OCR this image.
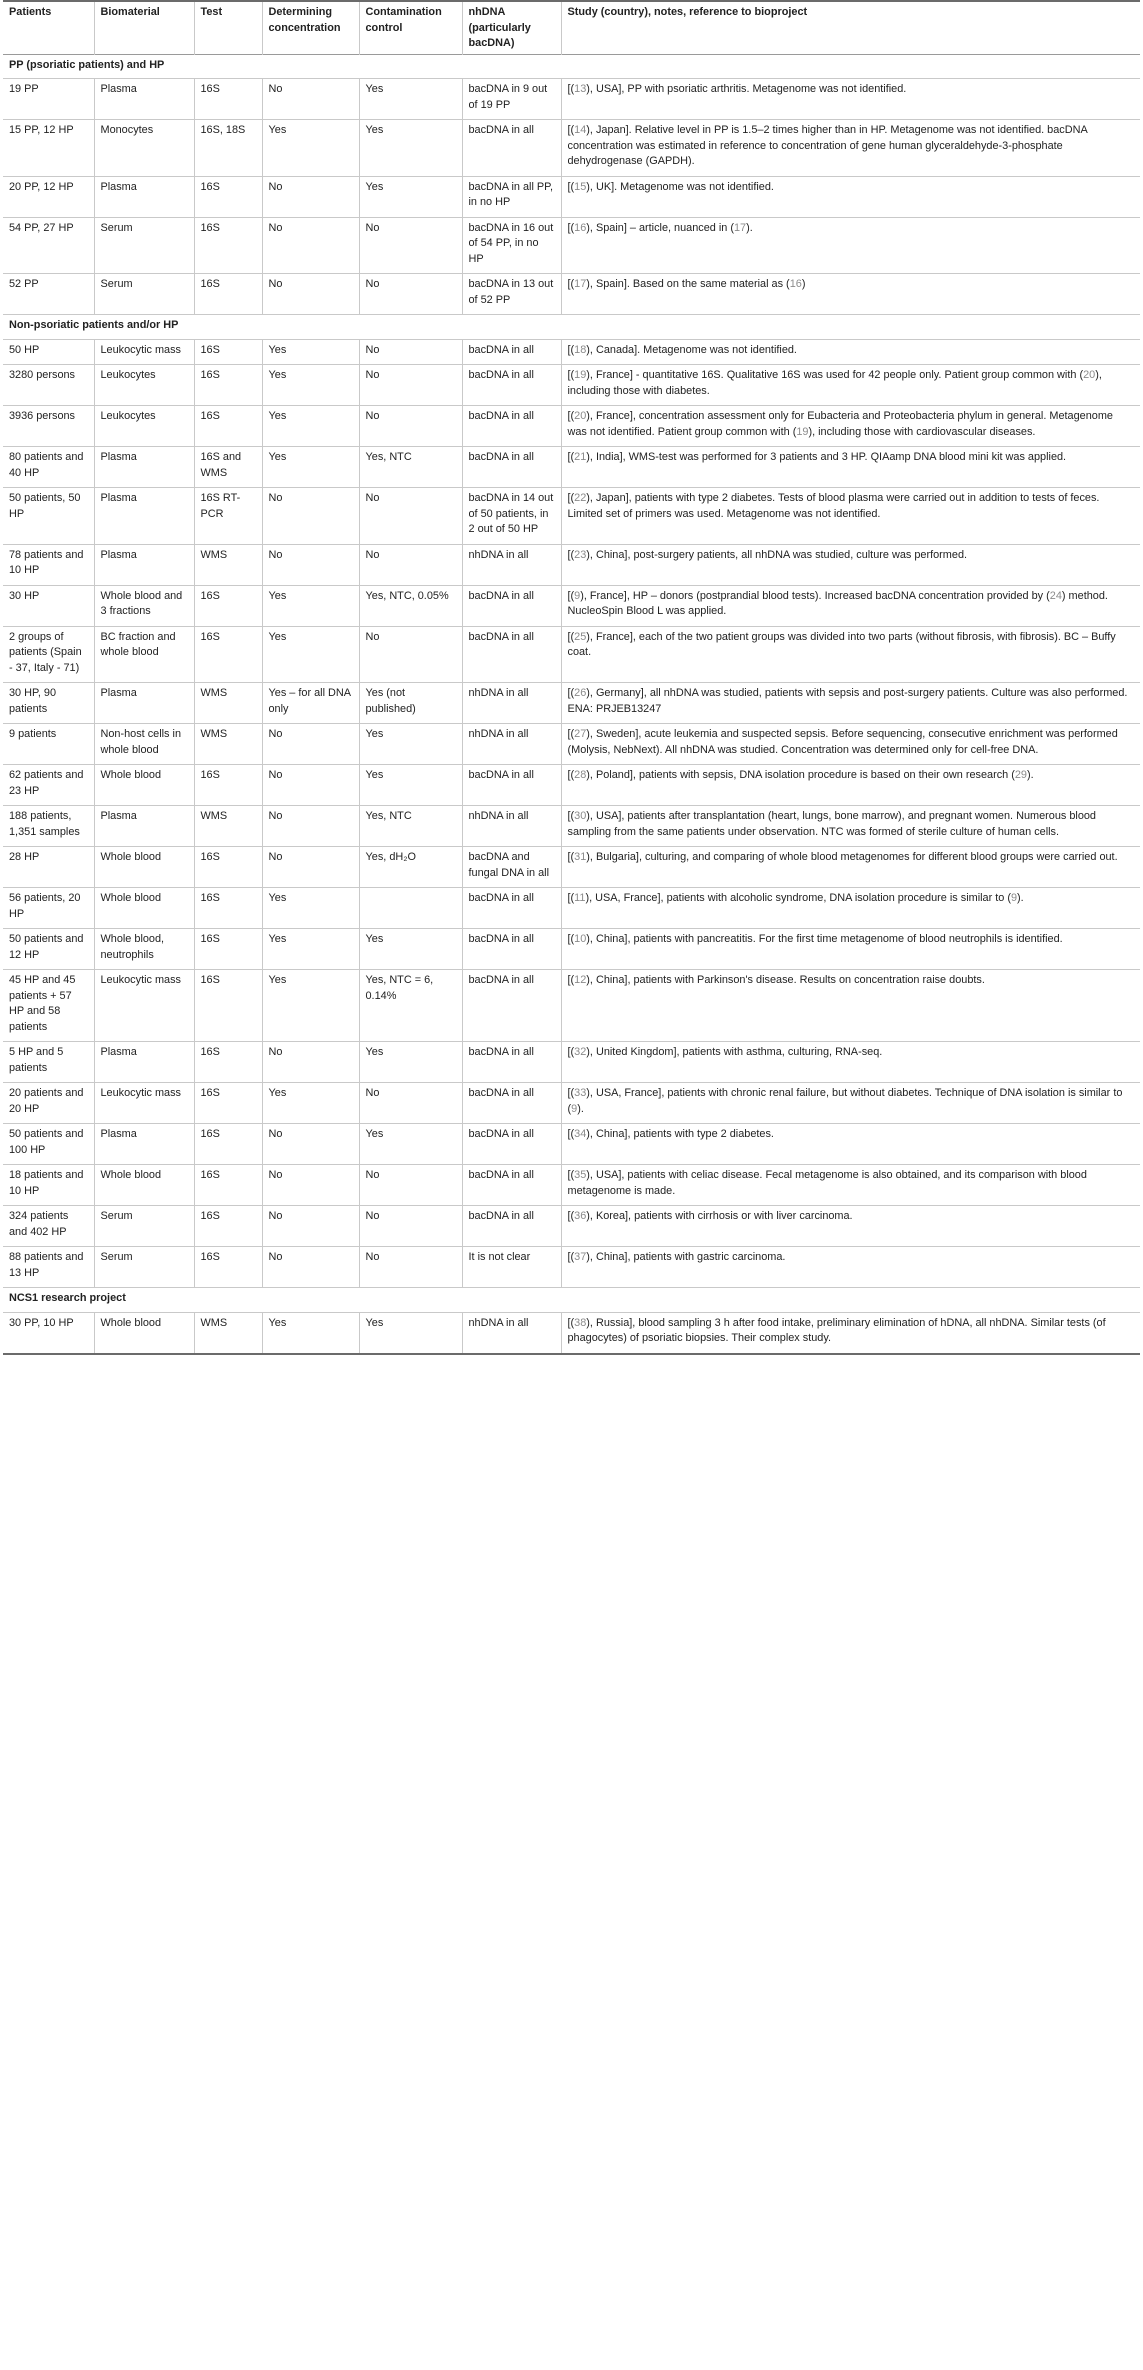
Patients	Biomaterial	Test	Determining concentration	Contamination control	nhDNA (particularly bacDNA)	Study (country), notes, reference to bioproject
PP (psoriatic patients) and HP						
19 PP	Plasma	16S	No	Yes	bacDNA in 9 out of 19 PP	[(13), USA], PP with psoriatic arthritis. Metagenome was not identified.
15 PP, 12 HP	Monocytes	16S, 18S	Yes	Yes	bacDNA in all	[(14), Japan]. Relative level in PP is 1.5–2 times higher than in HP. Metagenome was not identified. bacDNA concentration was estimated in reference to concentration of gene human glyceraldehyde-3-phosphate dehydrogenase (GAPDH).
20 PP, 12 HP	Plasma	16S	No	Yes	bacDNA in all PP, in no HP	[(15), UK]. Metagenome was not identified.
54 PP, 27 HP	Serum	16S	No	No	bacDNA in 16 out of 54 PP, in no HP	[(16), Spain] – article, nuanced in (17).
52 PP	Serum	16S	No	No	bacDNA in 13 out of 52 PP	[(17), Spain]. Based on the same material as (16)
Non-psoriatic patients and/or HP						
50 HP	Leukocytic mass	16S	Yes	No	bacDNA in all	[(18), Canada]. Metagenome was not identified.
3280 persons	Leukocytes	16S	Yes	No	bacDNA in all	[(19), France] - quantitative 16S. Qualitative 16S was used for 42 people only. Patient group common with (20), including those with diabetes.
3936 persons	Leukocytes	16S	Yes	No	bacDNA in all	[(20), France], concentration assessment only for Eubacteria and Proteobacteria phylum in general. Metagenome was not identified. Patient group common with (19), including those with cardiovascular diseases.
80 patients and 40 HP	Plasma	16S and WMS	Yes	Yes, NTC	bacDNA in all	[(21), India], WMS-test was performed for 3 patients and 3 HP. QIAamp DNA blood mini kit was applied.
50 patients, 50 HP	Plasma	16S RT-PCR	No	No	bacDNA in 14 out of 50 patients, in 2 out of 50 HP	[(22), Japan], patients with type 2 diabetes. Tests of blood plasma were carried out in addition to tests of feces. Limited set of primers was used. Metagenome was not identified.
78 patients and 10 HP	Plasma	WMS	No	No	nhDNA in all	[(23), China], post-surgery patients, all nhDNA was studied, culture was performed.
30 HP	Whole blood and 3 fractions	16S	Yes	Yes, NTC, 0.05%	bacDNA in all	[(9), France], HP – donors (postprandial blood tests). Increased bacDNA concentration provided by (24) method. NucleoSpin Blood L was applied.
2 groups of patients (Spain - 37, Italy - 71)	BC fraction and whole blood	16S	Yes	No	bacDNA in all	[(25), France], each of the two patient groups was divided into two parts (without fibrosis, with fibrosis). BC – Buffy coat.
30 HP, 90 patients	Plasma	WMS	Yes – for all DNA only	Yes (not published)	nhDNA in all	[(26), Germany], all nhDNA was studied, patients with sepsis and post-surgery patients. Culture was also performed. ENA: PRJEB13247
9 patients	Non-host cells in whole blood	WMS	No	Yes	nhDNA in all	[(27), Sweden], acute leukemia and suspected sepsis. Before sequencing, consecutive enrichment was performed (Molysis, NebNext). All nhDNA was studied. Concentration was determined only for cell-free DNA.
62 patients and 23 HP	Whole blood	16S	No	Yes	bacDNA in all	[(28), Poland], patients with sepsis, DNA isolation procedure is based on their own research (29).
188 patients, 1,351 samples	Plasma	WMS	No	Yes, NTC	nhDNA in all	[(30), USA], patients after transplantation (heart, lungs, bone marrow), and pregnant women. Numerous blood sampling from the same patients under observation. NTC was formed of sterile culture of human cells.
28 HP	Whole blood	16S	No	Yes, dH₂O	bacDNA and fungal DNA in all	[(31), Bulgaria], culturing, and comparing of whole blood metagenomes for different blood groups were carried out.
56 patients, 20 HP	Whole blood	16S	Yes		bacDNA in all	[(11), USA, France], patients with alcoholic syndrome, DNA isolation procedure is similar to (9).
50 patients and 12 HP	Whole blood, neutrophils	16S	Yes	Yes	bacDNA in all	[(10), China], patients with pancreatitis. For the first time metagenome of blood neutrophils is identified.
45 HP and 45 patients + 57 HP and 58 patients	Leukocytic mass	16S	Yes	Yes, NTC = 6, 0.14%	bacDNA in all	[(12), China], patients with Parkinson's disease. Results on concentration raise doubts.
5 HP and 5 patients	Plasma	16S	No	Yes	bacDNA in all	[(32), United Kingdom], patients with asthma, culturing, RNA-seq.
20 patients and 20 HP	Leukocytic mass	16S	Yes	No	bacDNA in all	[(33), USA, France], patients with chronic renal failure, but without diabetes. Technique of DNA isolation is similar to (9).
50 patients and 100 HP	Plasma	16S	No	Yes	bacDNA in all	[(34), China], patients with type 2 diabetes.
18 patients and 10 HP	Whole blood	16S	No	No	bacDNA in all	[(35), USA], patients with celiac disease. Fecal metagenome is also obtained, and its comparison with blood metagenome is made.
324 patients and 402 HP	Serum	16S	No	No	bacDNA in all	[(36), Korea], patients with cirrhosis or with liver carcinoma.
88 patients and 13 HP	Serum	16S	No	No	It is not clear	[(37), China], patients with gastric carcinoma.
NCS1 research project						
30 PP, 10 HP	Whole blood	WMS	Yes	Yes	nhDNA in all	[(38), Russia], blood sampling 3 h after food intake, preliminary elimination of hDNA, all nhDNA. Similar tests (of phagocytes) of psoriatic biopsies. Their complex study.
